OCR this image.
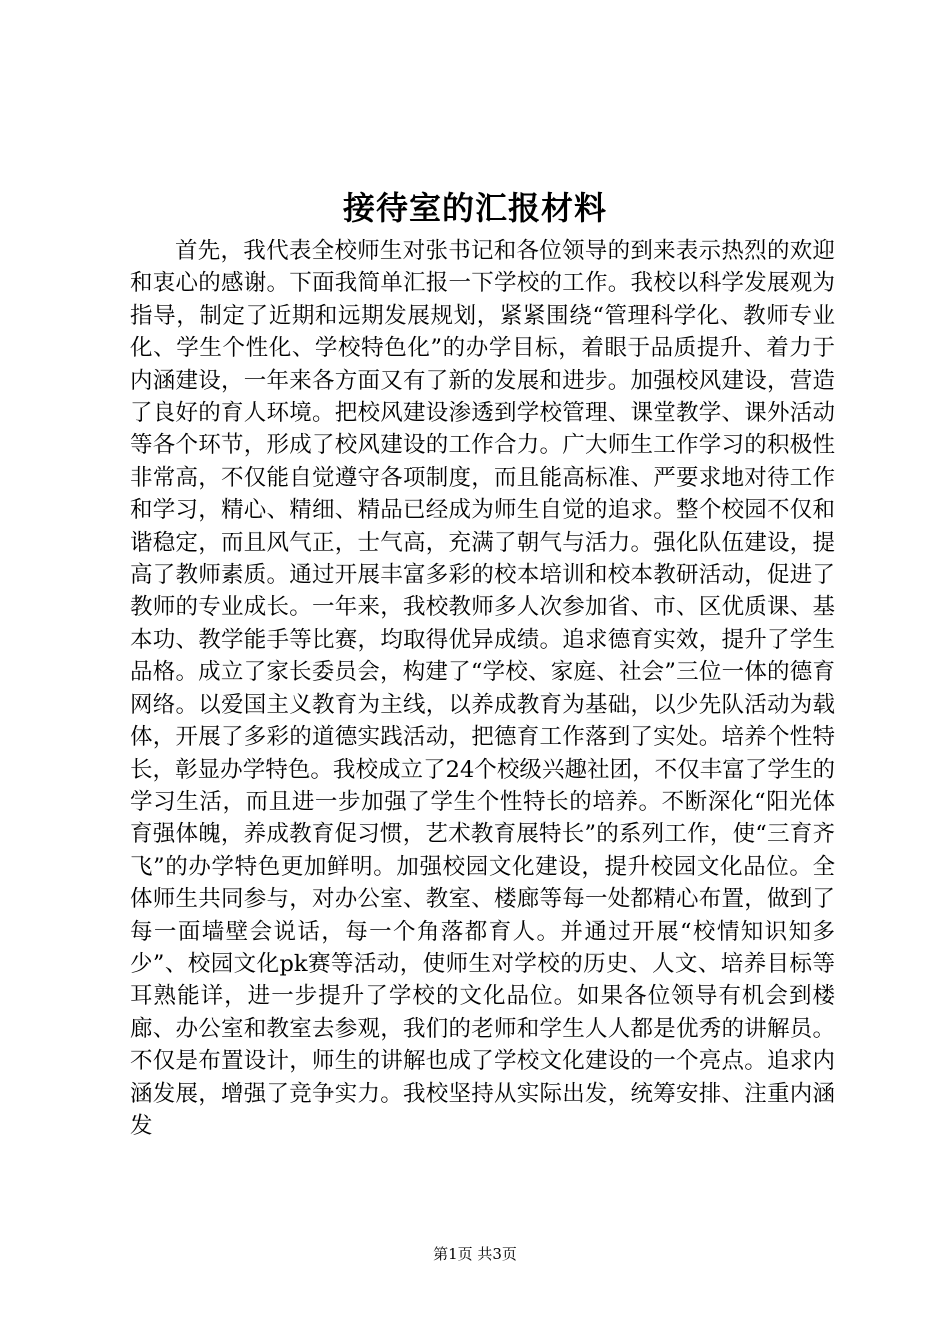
接待室的汇报材料

首先，我代表全校师生对张书记和各位领导的到来表示热烈的欢迎和衷心的感谢。下面我简单汇报一下学校的工作。我校以科学发展观为指导，制定了近期和远期发展规划，紧紧围绕“管理科学化、教师专业化、学生个性化、学校特色化”的办学目标，着眼于品质提升、着力于内涵建设，一年来各方面又有了新的发展和进步。加强校风建设，营造了良好的育人环境。把校风建设渗透到学校管理、课堂教学、课外活动等各个环节，形成了校风建设的工作合力。广大师生工作学习的积极性非常高，不仅能自觉遵守各项制度，而且能高标准、严要求地对待工作和学习，精心、精细、精品已经成为师生自觉的追求。整个校园不仅和谐稳定，而且风气正，士气高，充满了朝气与活力。强化队伍建设，提高了教师素质。通过开展丰富多彩的校本培训和校本教研活动，促进了教师的专业成长。一年来，我校教师多人次参加省、市、区优质课、基本功、教学能手等比赛，均取得优异成绩。追求德育实效，提升了学生品格。成立了家长委员会，构建了“学校、家庭、社会”三位一体的德育网络。以爱国主义教育为主线，以养成教育为基础，以少先队活动为载体，开展了多彩的道德实践活动，把德育工作落到了实处。培养个性特长，彰显办学特色。我校成立了24个校级兴趣社团，不仅丰富了学生的学习生活，而且进一步加强了学生个性特长的培养。不断深化“阳光体育强体魄，养成教育促习惯，艺术教育展特长”的系列工作，使“三育齐飞”的办学特色更加鲜明。加强校园文化建设，提升校园文化品位。全体师生共同参与，对办公室、教室、楼廊等每一处都精心布置，做到了每一面墙壁会说话，每一个角落都育人。并通过开展“校情知识知多少”、校园文化pk赛等活动，使师生对学校的历史、人文、培养目标等耳熟能详，进一步提升了学校的文化品位。如果各位领导有机会到楼廊、办公室和教室去参观，我们的老师和学生人人都是优秀的讲解员。不仅是布置设计，师生的讲解也成了学校文化建设的一个亮点。追求内涵发展，增强了竞争实力。我校坚持从实际出发，统筹安排、注重内涵发

第1页 共3页
